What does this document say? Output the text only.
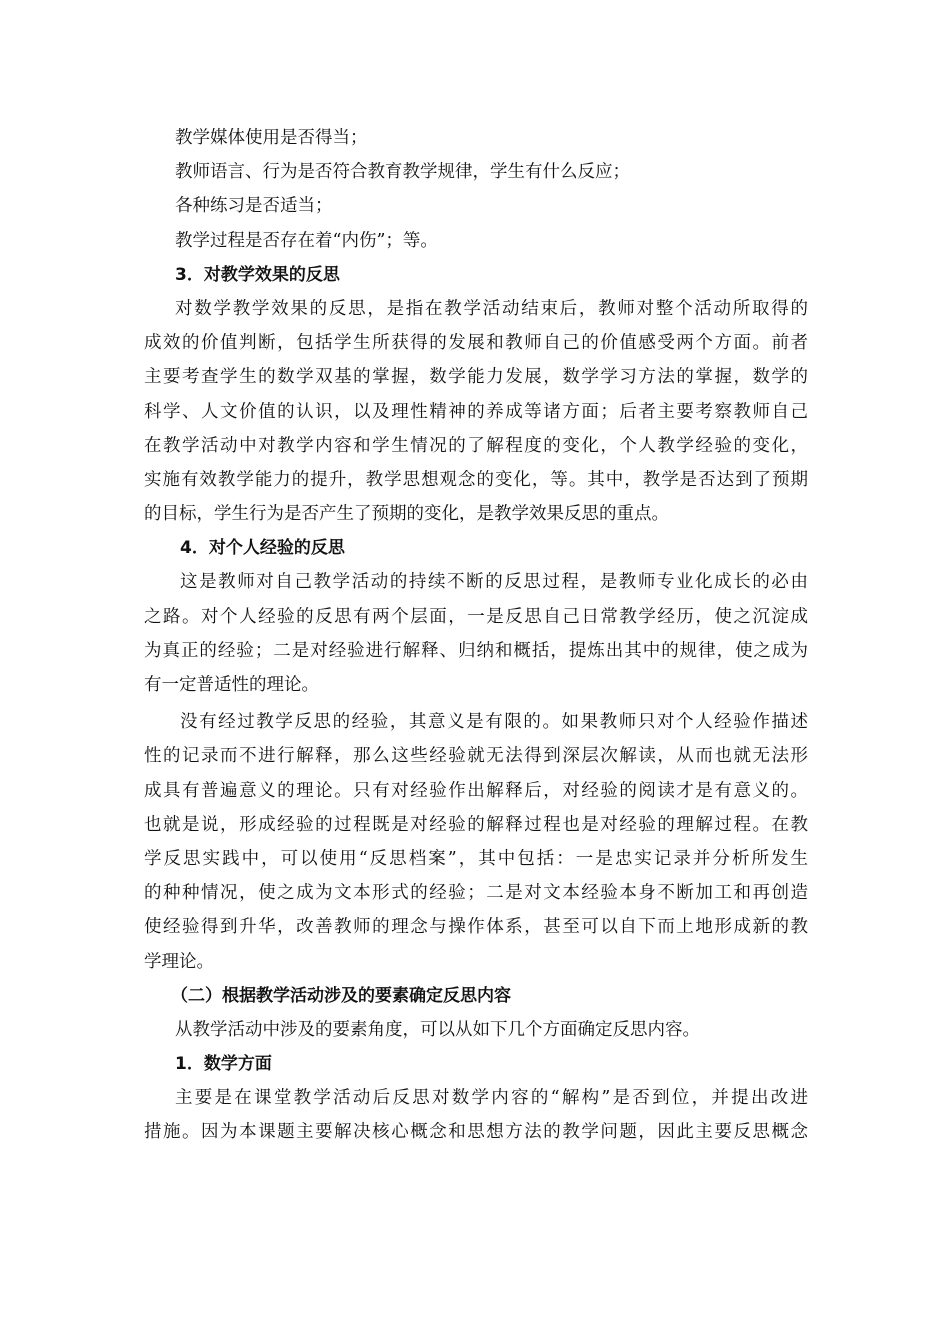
教学媒体使用是否得当；

教师语言、行为是否符合教育教学规律，学生有什么反应；

各种练习是否适当；

教学过程是否存在着“内伤”；等。

3．对教学效果的反思

对数学教学效果的反思，是指在教学活动结束后，教师对整个活动所取得的

成效的价值判断，包括学生所获得的发展和教师自己的价值感受两个方面。前者

主要考查学生的数学双基的掌握，数学能力发展，数学学习方法的掌握，数学的

科学、人文价值的认识，以及理性精神的养成等诸方面；后者主要考察教师自己

在教学活动中对教学内容和学生情况的了解程度的变化，个人教学经验的变化，

实施有效教学能力的提升，教学思想观念的变化，等。其中，教学是否达到了预期

的目标，学生行为是否产生了预期的变化，是教学效果反思的重点。

4．对个人经验的反思

这是教师对自己教学活动的持续不断的反思过程，是教师专业化成长的必由

之路。对个人经验的反思有两个层面，一是反思自己日常教学经历，使之沉淀成

为真正的经验；二是对经验进行解释、归纳和概括，提炼出其中的规律，使之成为

有一定普适性的理论。

没有经过教学反思的经验，其意义是有限的。如果教师只对个人经验作描述

性的记录而不进行解释，那么这些经验就无法得到深层次解读，从而也就无法形

成具有普遍意义的理论。只有对经验作出解释后，对经验的阅读才是有意义的。

也就是说，形成经验的过程既是对经验的解释过程也是对经验的理解过程。在教

学反思实践中，可以使用“反思档案”，其中包括：一是忠实记录并分析所发生

的种种情况，使之成为文本形式的经验；二是对文本经验本身不断加工和再创造

使经验得到升华，改善教师的理念与操作体系，甚至可以自下而上地形成新的教

学理论。

（二）根据教学活动涉及的要素确定反思内容

从教学活动中涉及的要素角度，可以从如下几个方面确定反思内容。

1．数学方面

主要是在课堂教学活动后反思对数学内容的“解构”是否到位，并提出改进

措施。因为本课题主要解决核心概念和思想方法的教学问题，因此主要反思概念
